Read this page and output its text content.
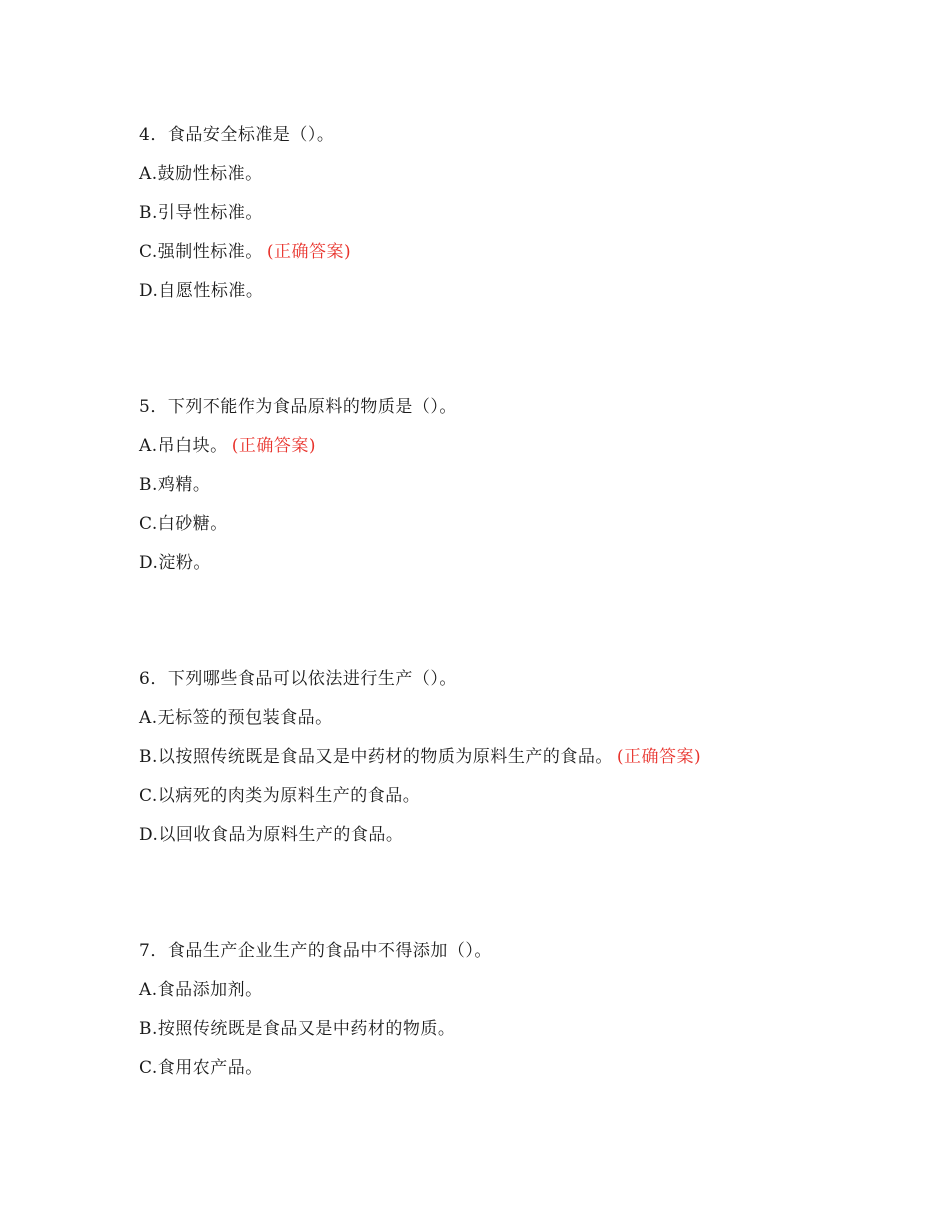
4．食品安全标准是（）。
A.鼓励性标准。
B.引导性标准。
C.强制性标准。 (正确答案)
D.自愿性标准。
5．下列不能作为食品原料的物质是（）。
A.吊白块。 (正确答案)
B.鸡精。
C.白砂糖。
D.淀粉。
6．下列哪些食品可以依法进行生产（）。
A.无标签的预包装食品。
B.以按照传统既是食品又是中药材的物质为原料生产的食品。 (正确答案)
C.以病死的肉类为原料生产的食品。
D.以回收食品为原料生产的食品。
7．食品生产企业生产的食品中不得添加（）。
A.食品添加剂。
B.按照传统既是食品又是中药材的物质。
C.食用农产品。
